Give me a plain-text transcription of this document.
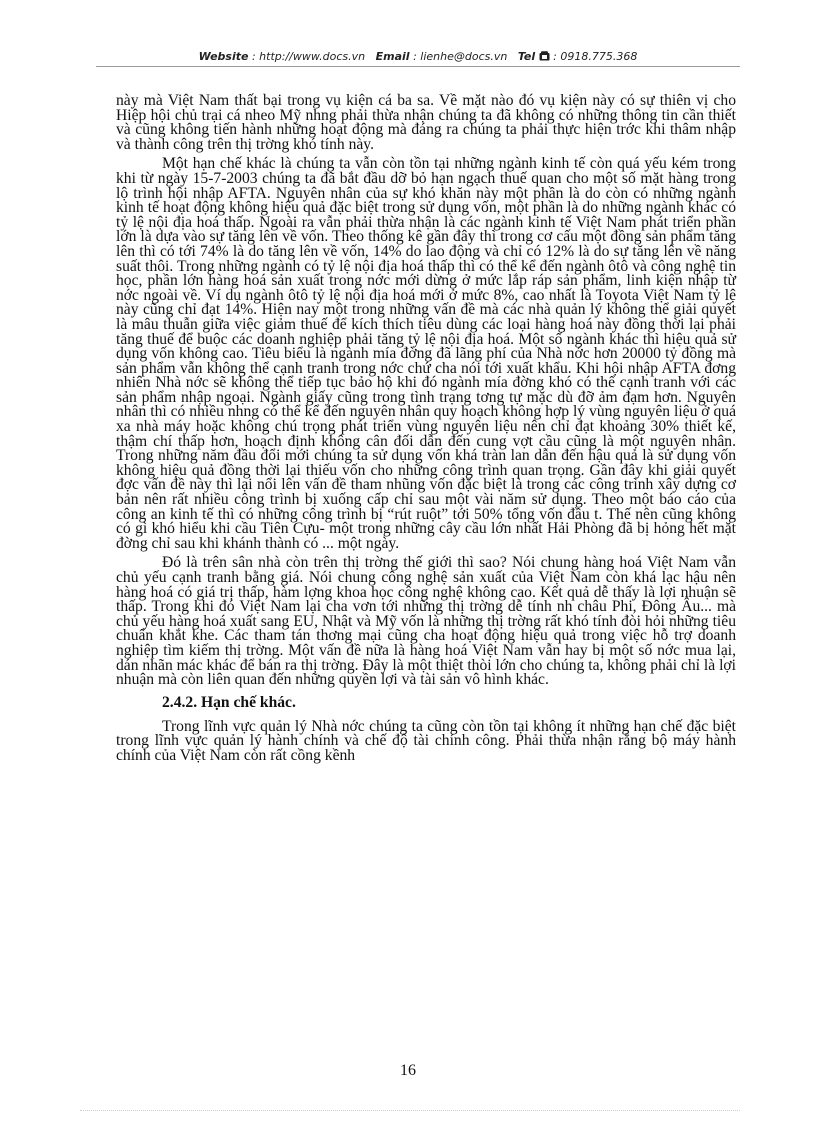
Website : http://www.docs.vn Email : lienhe@docs.vn Tel : 0918.775.368

này mà Việt Nam thất bại trong vụ kiện cá ba sa. Về mặt nào đó vụ kiện này có sự thiên vị cho Hiệp hội chủ trại cá nheo Mỹ nhng phải thừa nhận chúng ta đã không có những thông tin cần thiết và cũng không tiến hành những hoạt động mà đáng ra chúng ta phải thực hiện trớc khi thâm nhập và thành công trên thị trờng khó tính này.

Một hạn chế khác là chúng ta vẫn còn tồn tại những ngành kinh tế còn quá yếu kém trong khi từ ngày 15-7-2003 chúng ta đã bắt đầu dỡ bỏ hạn ngạch thuế quan cho một số mặt hàng trong lộ trình hội nhập AFTA. Nguyên nhân của sự khó khăn này một phần là do còn có những ngành kinh tế hoạt động không hiệu quả đặc biệt trong sử dụng vốn, một phần là do những ngành khác có tỷ lệ nội địa hoá thấp. Ngoài ra vẫn phải thừa nhận là các ngành kinh tế Việt Nam phát triển phần lớn là dựa vào sự tăng lên về vốn. Theo thống kê gần đây thì trong cơ cấu một đồng sản phẩm tăng lên thì có tới 74% là do tăng lên về vốn, 14% do lao động và chỉ có 12% là do sự tăng lên về năng suất thôi. Trong những ngành có tỷ lệ nội địa hoá thấp thì có thể kể đến ngành ôtô và công nghệ tin học, phần lớn hàng hoá sản xuất trong nớc mới dừng ở mức lắp ráp sản phẩm, linh kiện nhập từ nớc ngoài về. Ví dụ ngành ôtô tỷ lệ nội địa hoá mới ở mức 8%, cao nhất là Toyota Việt Nam tỷ lệ này cũng chỉ đạt 14%. Hiện nay một trong những vấn đề mà các nhà quản lý không thể giải quyết là mâu thuẫn giữa việc giảm thuế để kích thích tiêu dùng các loại hàng hoá này đồng thời lại phải tăng thuế để buộc các doanh nghiệp phải tăng tỷ lệ nội địa hoá. Một số ngành khác thì hiệu quả sử dụng vốn không cao. Tiêu biểu là ngành mía đờng đã lãng phí của Nhà nớc hơn 20000 tỷ đồng mà sản phẩm vẫn không thể cạnh tranh trong nớc chứ cha nói tới xuất khẩu. Khi hội nhập AFTA đơng nhiên Nhà nớc sẽ không thể tiếp tục bảo hộ khi đó ngành mía đờng khó có thể cạnh tranh với các sản phẩm nhập ngoại. Ngành giấy cũng trong tình trạng tơng tự mặc dù đỡ ảm đạm hơn. Nguyên nhân thì có nhiều nhng có thể kể đến nguyên nhân quy hoạch không hợp lý vùng nguyên liệu ở quá xa nhà máy hoặc không chú trọng phát triển vùng nguyên liệu nên chỉ đạt khoảng 30% thiết kế, thậm chí thấp hơn, hoạch định không cân đối dẫn đến cung vợt cầu cũng là một nguyên nhân. Trong những năm đầu đổi mới chúng ta sử dụng vốn khá tràn lan dẫn đến hậu quả là sử dụng vốn không hiệu quả đồng thời lại thiếu vốn cho những công trình quan trọng. Gần đây khi giải quyết đợc vấn đề này thì lại nổi lên vấn đề tham nhũng vốn đặc biệt là trong các công trình xây dựng cơ bản nên rất nhiều công trình bị xuống cấp chỉ sau một vài năm sử dụng. Theo một báo cáo của công an kinh tế thì có những công trình bị “rút ruột” tới 50% tổng vốn đầu t. Thế nên cũng không có gì khó hiểu khi cầu Tiên Cựu- một trong những cây cầu lớn nhất Hải Phòng đã bị hỏng hết mặt đờng chỉ sau khi khánh thành có ... một ngày.

Đó là trên sân nhà còn trên thị trờng thế giới thì sao? Nói chung hàng hoá Việt Nam vẫn chủ yếu cạnh tranh bằng giá. Nói chung công nghệ sản xuất của Việt Nam còn khá lạc hậu nên hàng hoá có giá trị thấp, hàm lợng khoa học công nghệ không cao. Kết quả dễ thấy là lợi nhuận sẽ thấp. Trong khi đó Việt Nam lại cha vơn tới những thị trờng dễ tính nh châu Phi, Đông Âu... mà chủ yếu hàng hoá xuất sang EU, Nhật và Mỹ vốn là những thị trờng rất khó tính đòi hỏi những tiêu chuẩn khắt khe. Các tham tán thơng mại cũng cha hoạt động hiệu quả trong việc hỗ trợ doanh nghiệp tìm kiếm thị trờng. Một vấn đề nữa là hàng hoá Việt Nam vẫn hay bị một số nớc mua lại, dán nhãn mác khác để bán ra thị trờng. Đây là một thiệt thòi lớn cho chúng ta, không phải chỉ là lợi nhuận mà còn liên quan đến những quyền lợi và tài sản vô hình khác.

2.4.2. Hạn chế khác.

Trong lĩnh vực quản lý Nhà nớc chúng ta cũng còn tồn tại không ít những hạn chế đặc biệt trong lĩnh vực quản lý hành chính và chế độ tài chính công. Phải thừa nhận rằng bộ máy hành chính của Việt Nam còn rất cồng kềnh

16
